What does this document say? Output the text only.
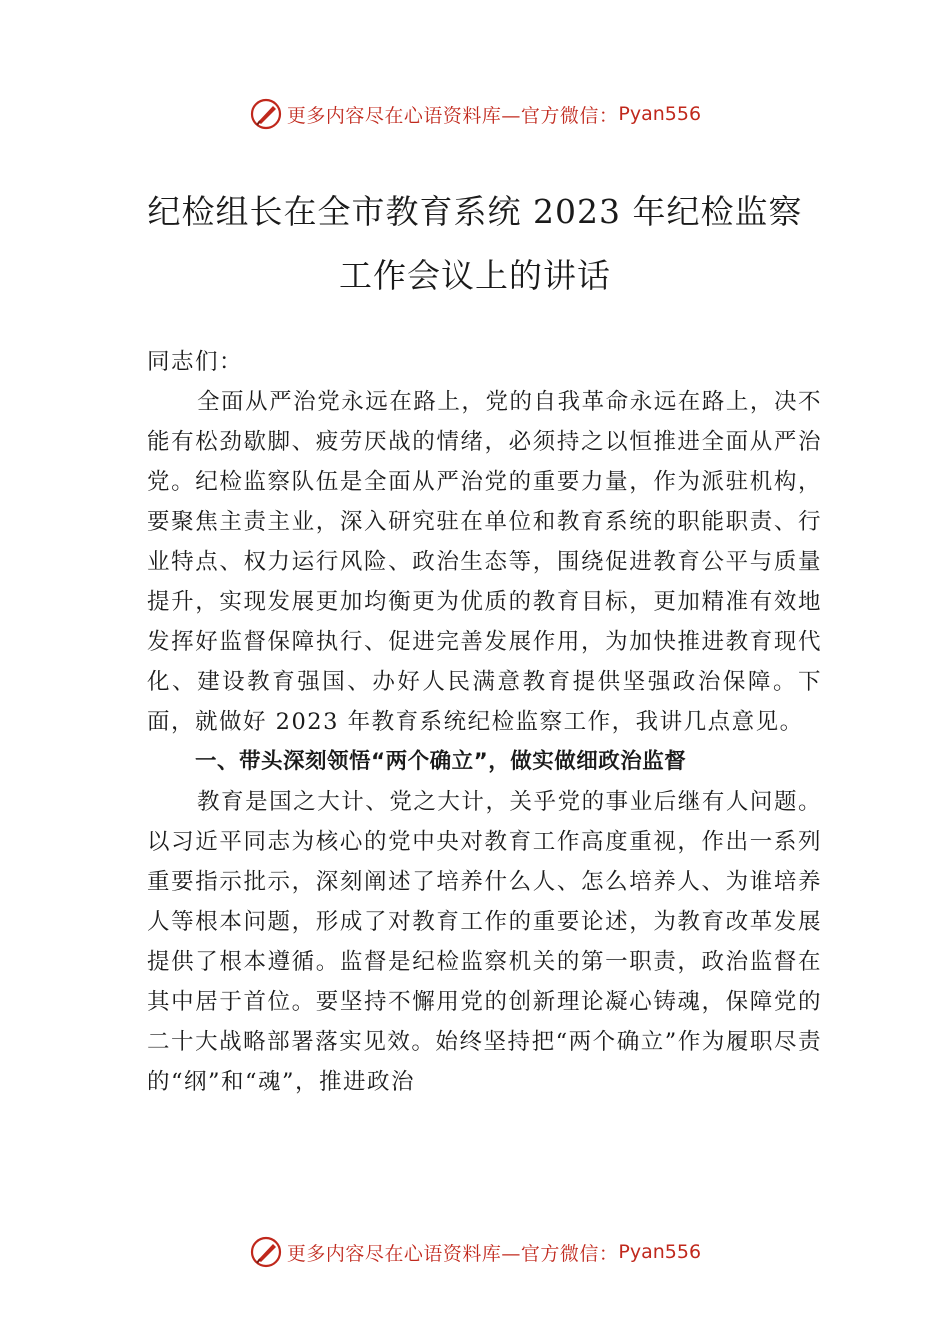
更多内容尽在心语资料库—官方微信： Pyan556
纪检组长在全市教育系统 2023 年纪检监察
工作会议上的讲话

同志们：

全面从严治党永远在路上，党的自我革命永远在路上，决不能有松劲歇脚、疲劳厌战的情绪，必须持之以恒推进全面从严治党。纪检监察队伍是全面从严治党的重要力量，作为派驻机构，要聚焦主责主业，深入研究驻在单位和教育系统的职能职责、行业特点、权力运行风险、政治生态等，围绕促进教育公平与质量提升，实现发展更加均衡更为优质的教育目标，更加精准有效地发挥好监督保障执行、促进完善发展作用，为加快推进教育现代化、建设教育强国、办好人民满意教育提供坚强政治保障。下面，就做好 2023 年教育系统纪检监察工作，我讲几点意见。

一、带头深刻领悟“两个确立”，做实做细政治监督

教育是国之大计、党之大计，关乎党的事业后继有人问题。以习近平同志为核心的党中央对教育工作高度重视，作出一系列重要指示批示，深刻阐述了培养什么人、怎么培养人、为谁培养人等根本问题，形成了对教育工作的重要论述，为教育改革发展提供了根本遵循。监督是纪检监察机关的第一职责，政治监督在其中居于首位。要坚持不懈用党的创新理论凝心铸魂，保障党的二十大战略部署落实见效。始终坚持把“两个确立”作为履职尽责的“纲”和“魂”，推进政治

更多内容尽在心语资料库—官方微信： Pyan556
